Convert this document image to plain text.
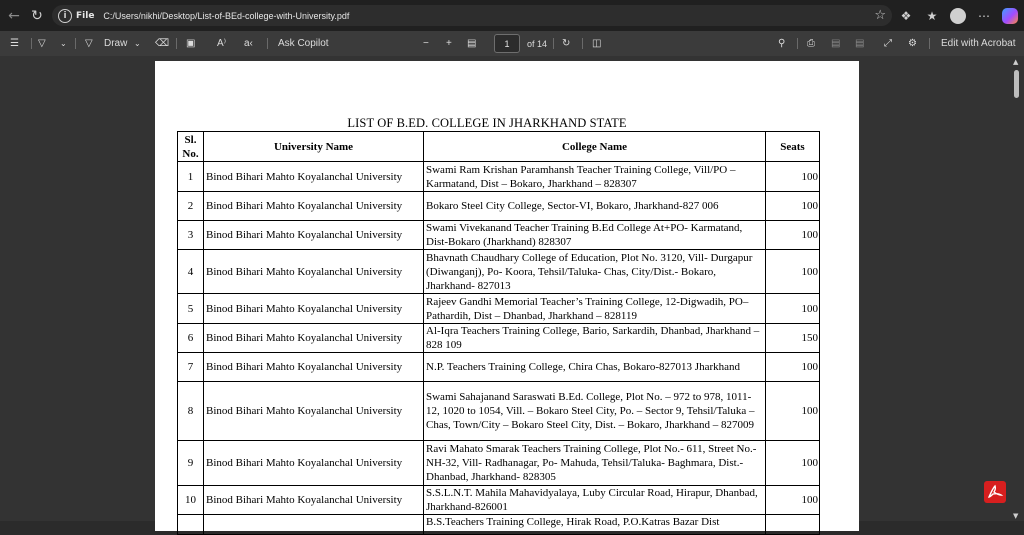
← ↻	i	File C:/Users/nikhi/Desktop/List-of-BEd-college-with-University.pdf	☆	❖	★	⋯
☰ ▽ ⌄ ▽ Draw ⌄ ⌫ ▣ A⁾ a‹	Ask Copilot	− + ▤	1	of 14 ↻ ◫	⚲ ⎙ ▤ ▤ ⤢ ⚙ Edit with Acrobat
LIST OF B.ED. COLLEGE IN JHARKHAND STATE
Sl. No.	University Name	College Name	Seats
1	Binod Bihari Mahto Koyalanchal University	Swami Ram Krishan Paramhansh Teacher Training College, Vill/PO – Karmatand, Dist – Bokaro, Jharkhand – 828307	100
2	Binod Bihari Mahto Koyalanchal University	Bokaro Steel City College, Sector-VI, Bokaro, Jharkhand-827 006	100
3	Binod Bihari Mahto Koyalanchal University	Swami Vivekanand Teacher Training B.Ed College At+PO- Karmatand, Dist-Bokaro (Jharkhand) 828307	100
4	Binod Bihari Mahto Koyalanchal University	Bhavnath Chaudhary College of Education, Plot No. 3120, Vill- Durgapur (Diwanganj), Po- Koora, Tehsil/Taluka- Chas, City/Dist.- Bokaro, Jharkhand- 827013	100
5	Binod Bihari Mahto Koyalanchal University	Rajeev Gandhi Memorial Teacher’s Training College, 12-Digwadih, PO–Pathardih, Dist – Dhanbad, Jharkhand – 828119	100
6	Binod Bihari Mahto Koyalanchal University	Al-Iqra Teachers Training College, Bario, Sarkardih, Dhanbad, Jharkhand – 828 109	150
7	Binod Bihari Mahto Koyalanchal University	N.P. Teachers Training College, Chira Chas, Bokaro-827013 Jharkhand	100
8	Binod Bihari Mahto Koyalanchal University	Swami Sahajanand Saraswati B.Ed. College, Plot No. – 972 to 978, 1011-12, 1020 to 1054, Vill. – Bokaro Steel City, Po. – Sector 9, Tehsil/Taluka – Chas, Town/City – Bokaro Steel City, Dist. – Bokaro, Jharkhand – 827009	100
9	Binod Bihari Mahto Koyalanchal University	Ravi Mahato Smarak Teachers Training College, Plot No.- 611, Street No.-NH-32, Vill- Radhanagar, Po- Mahuda, Tehsil/Taluka- Baghmara, Dist.-Dhanbad, Jharkhand- 828305	100
10	Binod Bihari Mahto Koyalanchal University	S.S.L.N.T. Mahila Mahavidyalaya, Luby Circular Road, Hirapur, Dhanbad, Jharkhand-826001	100
		B.S.Teachers Training College, Hirak Road, P.O.Katras Bazar Dist	
▲
▼
